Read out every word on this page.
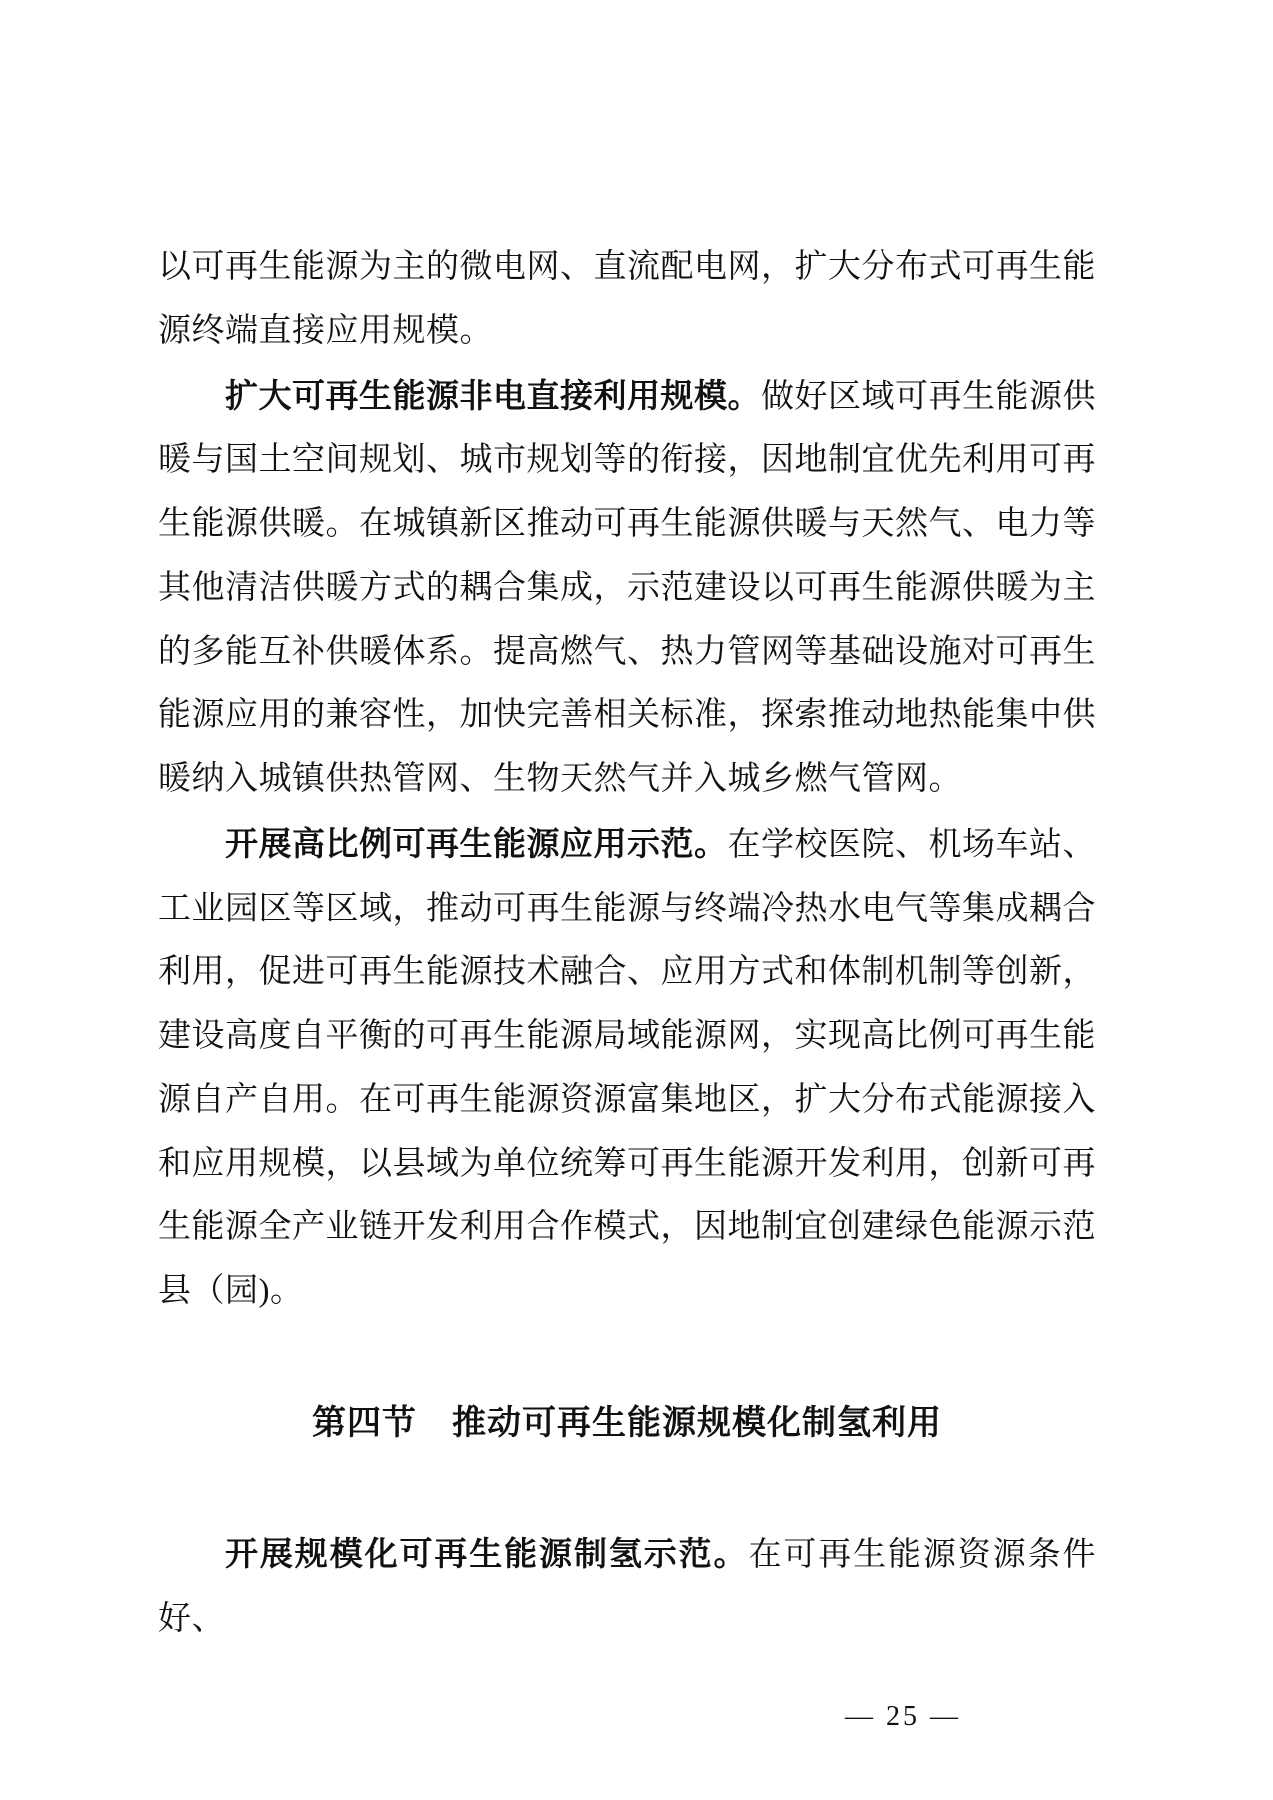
以可再生能源为主的微电网、直流配电网，扩大分布式可再生能源终端直接应用规模。

扩大可再生能源非电直接利用规模。做好区域可再生能源供暖与国土空间规划、城市规划等的衔接，因地制宜优先利用可再生能源供暖。在城镇新区推动可再生能源供暖与天然气、电力等其他清洁供暖方式的耦合集成，示范建设以可再生能源供暖为主的多能互补供暖体系。提高燃气、热力管网等基础设施对可再生能源应用的兼容性，加快完善相关标准，探索推动地热能集中供暖纳入城镇供热管网、生物天然气并入城乡燃气管网。

开展高比例可再生能源应用示范。在学校医院、机场车站、工业园区等区域，推动可再生能源与终端冷热水电气等集成耦合利用，促进可再生能源技术融合、应用方式和体制机制等创新，建设高度自平衡的可再生能源局域能源网，实现高比例可再生能源自产自用。在可再生能源资源富集地区，扩大分布式能源接入和应用规模，以县域为单位统筹可再生能源开发利用，创新可再生能源全产业链开发利用合作模式，因地制宜创建绿色能源示范县（园)。

第四节　推动可再生能源规模化制氢利用

开展规模化可再生能源制氢示范。在可再生能源资源条件好、

— 25 —
